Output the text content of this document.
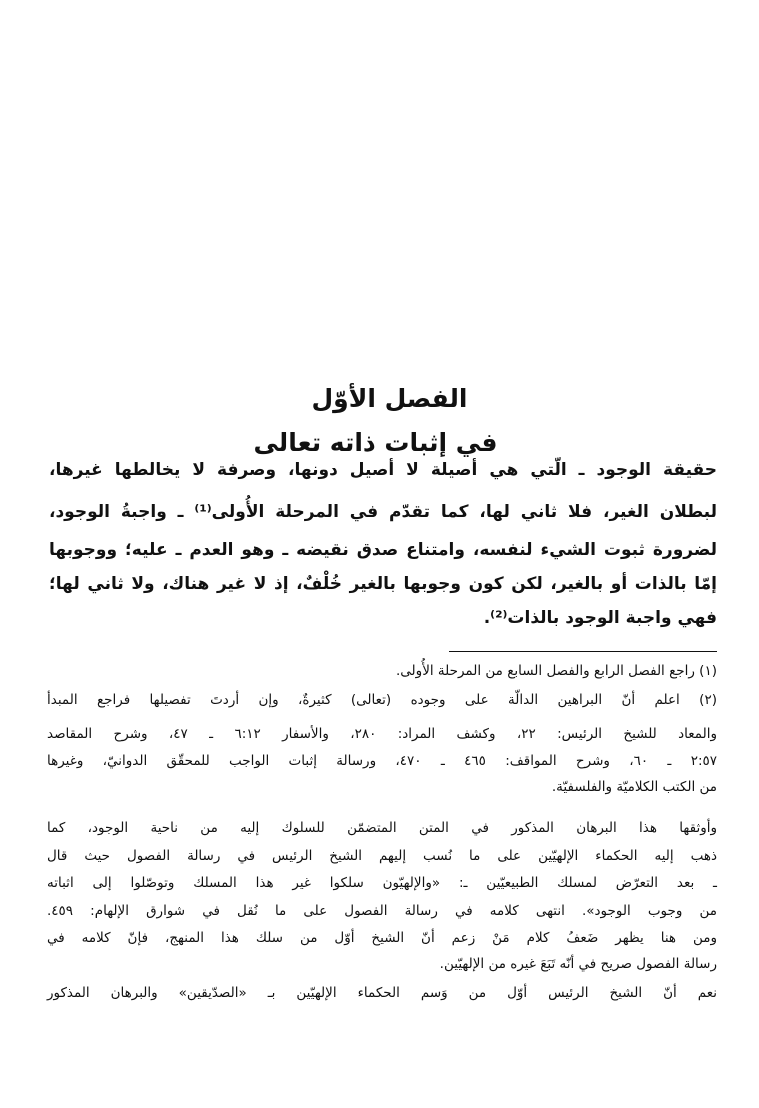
الفصل الأوّل
في إثبات ذاته تعالى
حقيقة الوجود ـ الّتي هي أصيلة لا أصيل دونها، وصرفة لا يخالطها غيرها،
لبطلان الغير، فلا ثاني لها، كما تقدّم في المرحلة الأُولى⁽¹⁾ ـ واجبةُ الوجود،
لضرورة ثبوت الشيء لنفسه، وامتناع صدق نقيضه ـ وهو العدم ـ عليه؛ ووجوبها
إمّا بالذات أو بالغير، لكن كون وجوبها بالغير خُلْفٌ، إذ لا غير هناك، ولا ثاني لها؛
فهي واجبة الوجود بالذات⁽²⁾.
(١) راجع الفصل الرابع والفصل السابع من المرحلة الأُولى.
(٢) اعلم أنّ البراهين الدالّة على وجوده (تعالى) كثيرةٌ، وإن أردتَ تفصيلها فراجع المبدأ
والمعاد للشيخ الرئيس: ٢٢، وكشف المراد: ٢٨٠، والأسفار ٦:١٢ ـ ٤٧، وشرح المقاصد
٢:٥٧ ـ ٦٠، وشرح المواقف: ٤٦٥ ـ ٤٧٠، ورسالة إثبات الواجب للمحقّق الدوانيّ، وغيرها
من الكتب الكلاميّة والفلسفيّة.
وأوثقها هذا البرهان المذكور في المتن المتضمّن للسلوك إليه من ناحية الوجود، كما
ذهب إليه الحكماء الإلهيّين على ما نُسب إليهم الشيخ الرئيس في رسالة الفصول حيث قال
ـ بعد التعرّض لمسلك الطبيعيّين ـ: «والإلهيّون سلكوا غير هذا المسلك وتوصّلوا إلى اثباته
من وجوب الوجود». انتهى كلامه في رسالة الفصول على ما نُقل في شوارق الإلهام: ٤٥٩.
ومن هنا يظهر ضَعفُ كلام مَنْ زعم أنّ الشيخ أوّل من سلك هذا المنهج، فإنّ كلامه في
رسالة الفصول صريح في أنّه تَبَعَ غيره من الإلهيّين.
نعم أنّ الشيخ الرئيس أوّل من وَسم الحكماء الإلهيّين بـ «الصدّيقين» والبرهان المذكور
